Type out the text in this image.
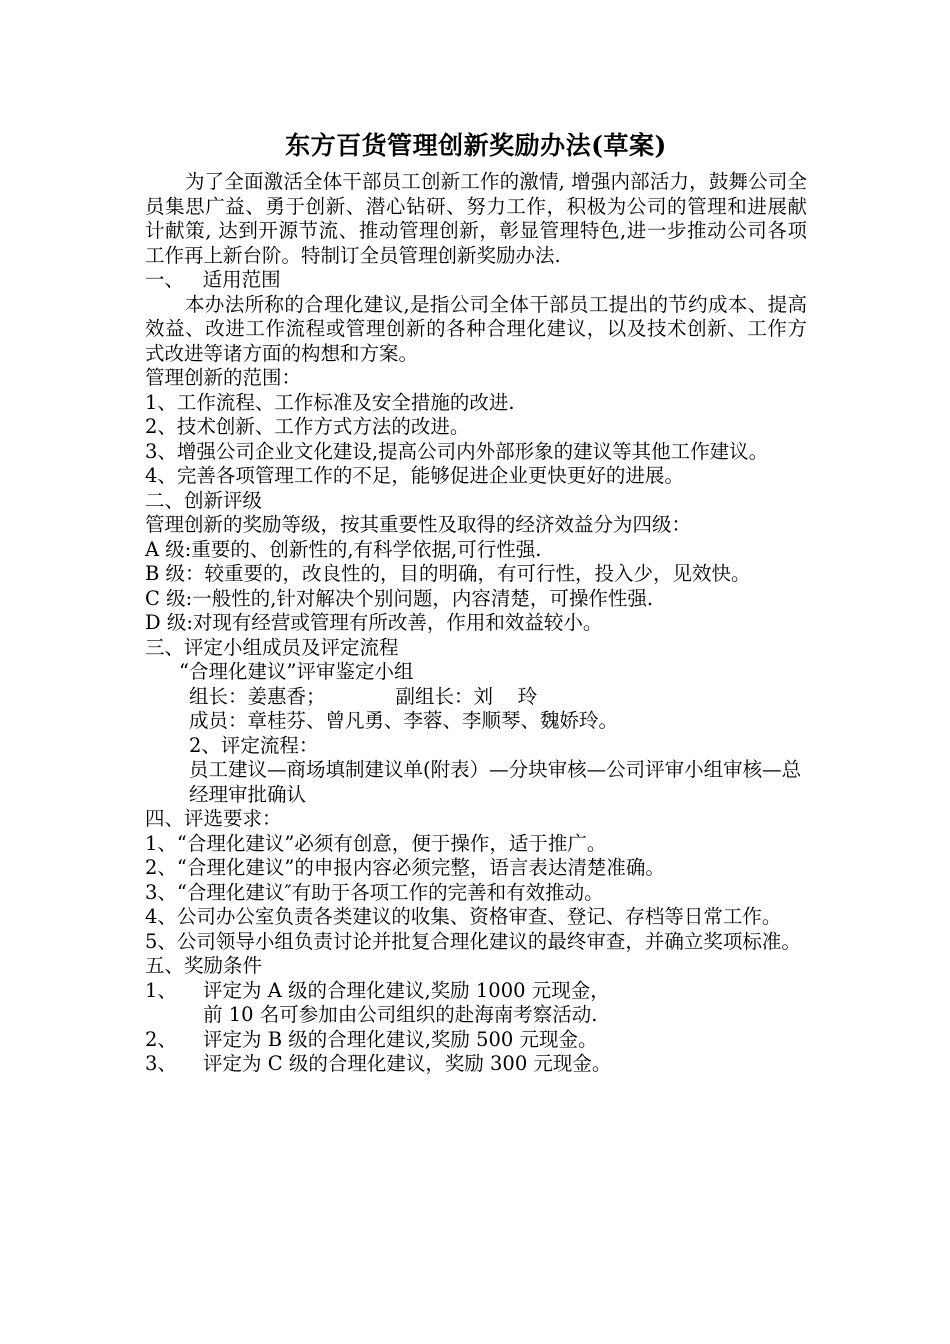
东方百货管理创新奖励办法(草案)

为了全面激活全体干部员工创新工作的激情, 增强内部活力，鼓舞公司全员集思广益、勇于创新、潜心钻研、努力工作，积极为公司的管理和进展献计献策, 达到开源节流、推动管理创新，彰显管理特色,进一步推动公司各项工作再上新台阶。特制订全员管理创新奖励办法.

一、   适用范围

本办法所称的合理化建议,是指公司全体干部员工提出的节约成本、提高效益、改进工作流程或管理创新的各种合理化建议，以及技术创新、工作方式改进等诸方面的构想和方案。

管理创新的范围：

1、工作流程、工作标准及安全措施的改进.

2、技术创新、工作方式方法的改进。

3、增强公司企业文化建设,提高公司内外部形象的建议等其他工作建议。

4、完善各项管理工作的不足，能够促进企业更快更好的进展。

二、创新评级

管理创新的奖励等级，按其重要性及取得的经济效益分为四级：

A 级:重要的、创新性的,有科学依据,可行性强.

B 级：较重要的，改良性的，目的明确，有可行性，投入少，见效快。

C 级:一般性的,针对解决个别问题，内容清楚，可操作性强.

D 级:对现有经营或管理有所改善，作用和效益较小。

三、评定小组成员及评定流程

“合理化建议”评审鉴定小组

组长：姜惠香；	副组长：刘    玲

成员：章桂芬、曾凡勇、李蓉、李顺琴、魏娇玲。

2、评定流程：

员工建议—商场填制建议单(附表）—分块审核—公司评审小组审核—总经理审批确认

四、评选要求：

1、“合理化建议”必须有创意，便于操作，适于推广。

2、“合理化建议”的申报内容必须完整，语言表达清楚准确。

3、“合理化建议″有助于各项工作的完善和有效推动。

4、公司办公室负责各类建议的收集、资格审查、登记、存档等日常工作。

5、公司领导小组负责讨论并批复合理化建议的最终审查，并确立奖项标准。

五、奖励条件

1、	评定为 A 级的合理化建议,奖励 1000 元现金，
前 10 名可参加由公司组织的赴海南考察活动.
2、	评定为 B 级的合理化建议,奖励 500 元现金。
3、	评定为 C 级的合理化建议，奖励 300 元现金。
